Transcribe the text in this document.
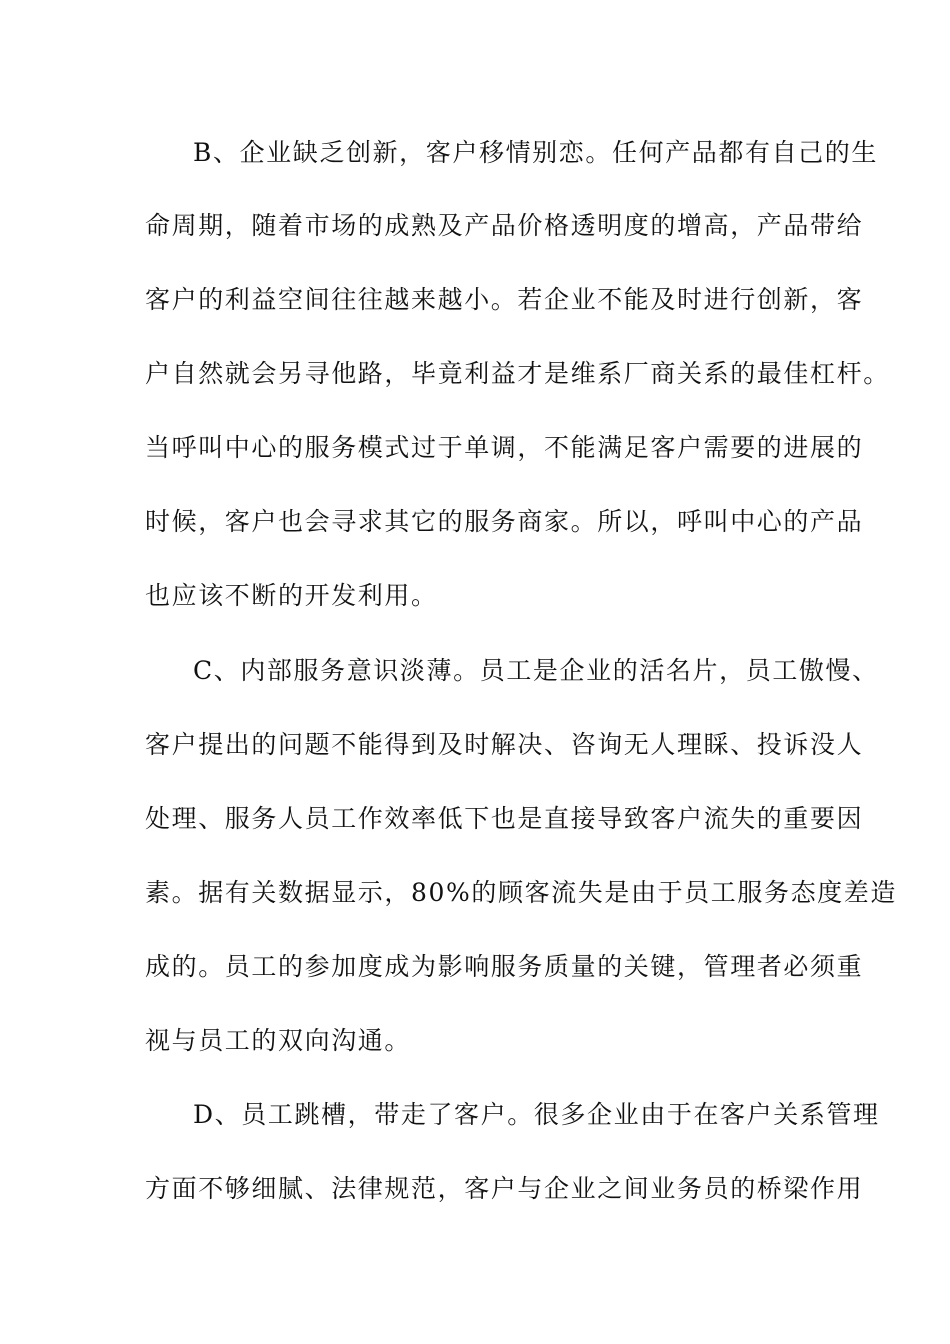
B、企业缺乏创新，客户移情别恋。任何产品都有自己的生
命周期，随着市场的成熟及产品价格透明度的增高，产品带给
客户的利益空间往往越来越小。若企业不能及时进行创新，客
户自然就会另寻他路，毕竟利益才是维系厂商关系的最佳杠杆。
当呼叫中心的服务模式过于单调，不能满足客户需要的进展的
时候，客户也会寻求其它的服务商家。所以，呼叫中心的产品
也应该不断的开发利用。
C、内部服务意识淡薄。员工是企业的活名片，员工傲慢、
客户提出的问题不能得到及时解决、咨询无人理睬、投诉没人
处理、服务人员工作效率低下也是直接导致客户流失的重要因
素。据有关数据显示，80%的顾客流失是由于员工服务态度差造
成的。员工的参加度成为影响服务质量的关键，管理者必须重
视与员工的双向沟通。
D、员工跳槽，带走了客户。很多企业由于在客户关系管理
方面不够细腻、法律规范，客户与企业之间业务员的桥梁作用
